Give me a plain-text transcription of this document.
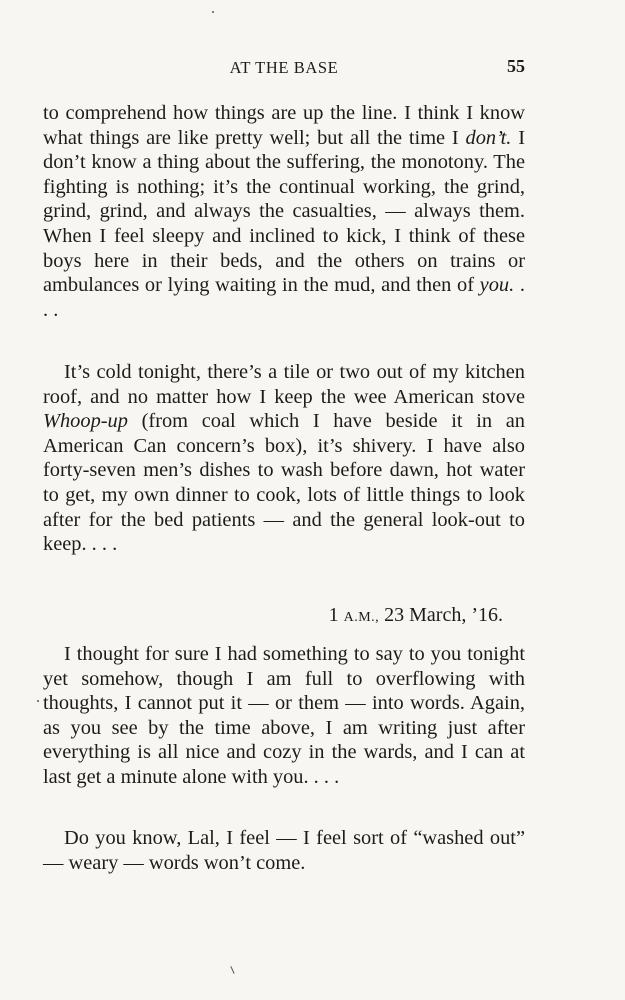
AT THE BASE	55

to comprehend how things are up the line. I think I know what things are like pretty well; but all the time I don’t. I don’t know a thing about the suffering, the monotony. The fighting is nothing; it’s the continual working, the grind, grind, grind, and always the casualties, — always them. When I feel sleepy and inclined to kick, I think of these boys here in their beds, and the others on trains or ambulances or lying waiting in the mud, and then of you. . . .

It’s cold tonight, there’s a tile or two out of my kitchen roof, and no matter how I keep the wee American stove Whoop-up (from coal which I have beside it in an American Can concern’s box), it’s shivery. I have also forty-seven men’s dishes to wash before dawn, hot water to get, my own dinner to cook, lots of little things to look after for the bed patients — and the general look-out to keep. . . .

1 A.M., 23 March, ’16.

I thought for sure I had something to say to you tonight yet somehow, though I am full to overflowing with thoughts, I cannot put it — or them — into words. Again, as you see by the time above, I am writing just after everything is all nice and cozy in the wards, and I can at last get a minute alone with you. . . .

Do you know, Lal, I feel — I feel sort of “washed out” — weary — words won’t come.
